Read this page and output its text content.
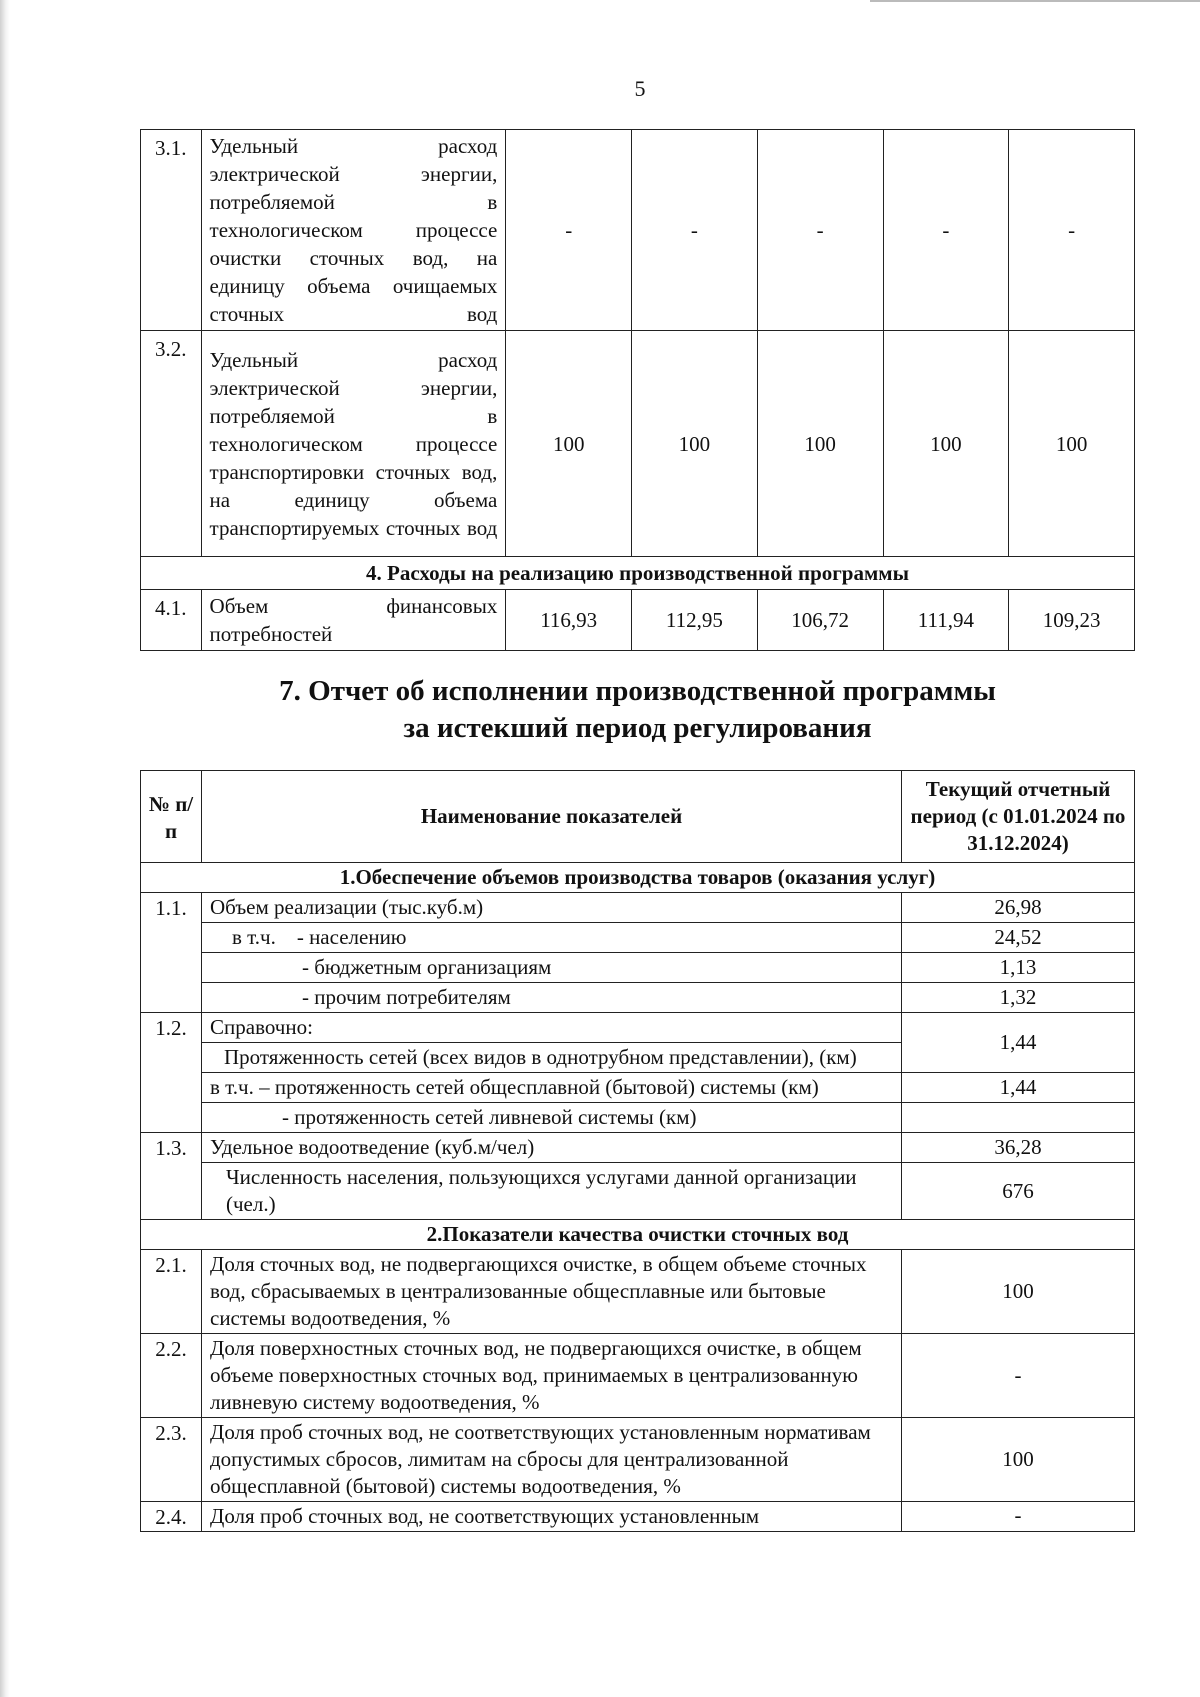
5
3.1.	Удельный расход электрической энергии, потребляемой в технологическом процессе очистки сточных вод, на единицу объема очищаемых сточных вод	-	-	-	-	-
3.2.	Удельный расход электрической энергии, потребляемой в технологическом процессе транспортировки сточных вод, на единицу объема транспортируемых сточных вод	100	100	100	100	100
4. Расходы на реализацию производственной программы						
4.1.	Объем финансовых потребностей	116,93	112,95	106,72	111,94	109,23
7. Отчет об исполнении производственной программы
за истекший период регулирования
№ п/п	Наименование показателей	Текущий отчетный период (с 01.01.2024 по 31.12.2024)
1.Обеспечение объемов производства товаров (оказания услуг)		
1.1.	Объем реализации (тыс.куб.м)	26,98
	в т.ч.    - населению	24,52
	- бюджетным организациям	1,13
	- прочим потребителям	1,32
1.2.	Справочно:	1,44
	Протяженность сетей (всех видов в однотрубном представлении), (км)	
	в т.ч. – протяженность сетей общесплавной (бытовой) системы (км)	1,44
	- протяженность сетей ливневой системы (км)	
1.3.	Удельное водоотведение (куб.м/чел)	36,28
	Численность населения, пользующихся услугами данной организации (чел.)	676
2.Показатели качества очистки сточных вод		
2.1.	Доля сточных вод, не подвергающихся очистке, в общем объеме сточных вод, сбрасываемых в централизованные общесплавные или бытовые системы водоотведения, %	100
2.2.	Доля поверхностных сточных вод, не подвергающихся очистке, в общем объеме поверхностных сточных вод, принимаемых в централизованную ливневую систему водоотведения, %	-
2.3.	Доля проб сточных вод, не соответствующих установленным нормативам допустимых сбросов, лимитам на сбросы для централизованной общесплавной (бытовой) системы водоотведения, %	100
2.4.	Доля проб сточных вод, не соответствующих установленным	-
